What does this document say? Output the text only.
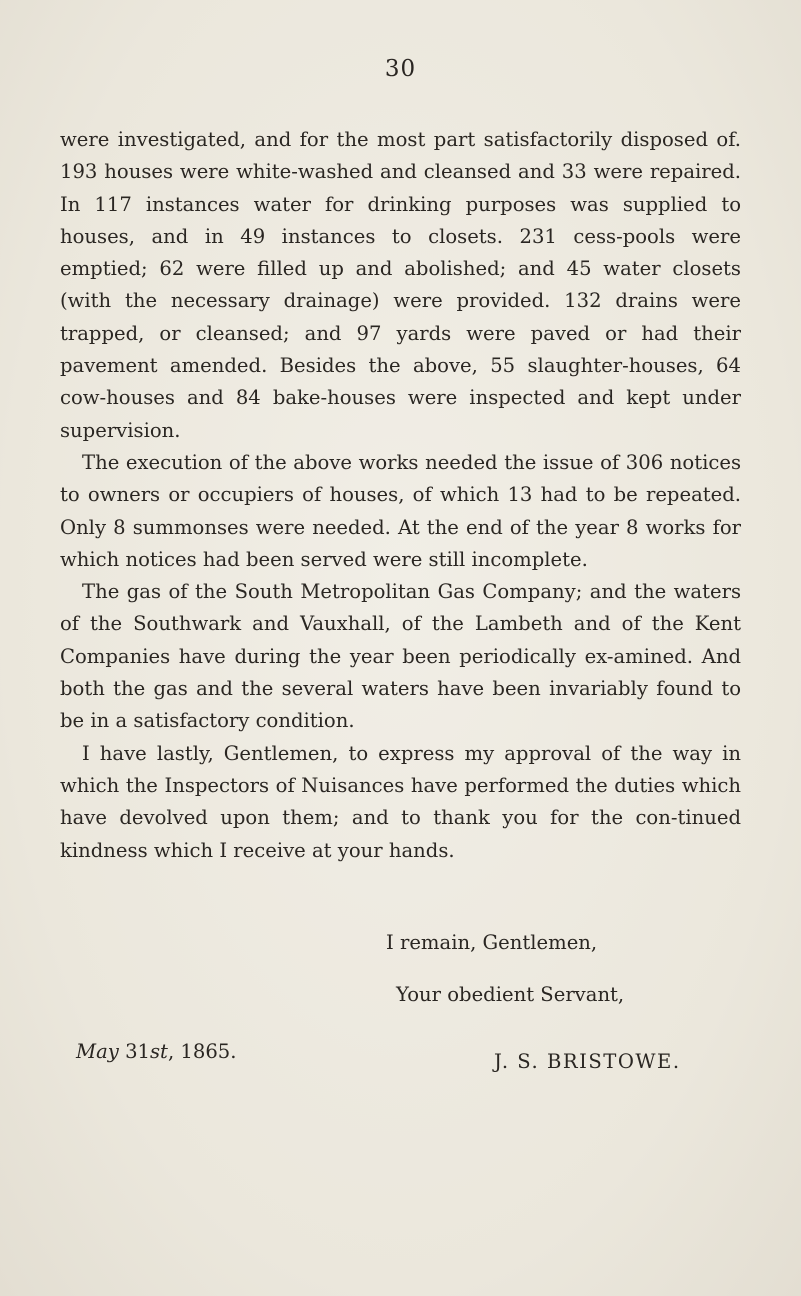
30

were investigated, and for the most part satisfactorily disposed of. 193 houses were white-washed and cleansed and 33 were repaired. In 117 instances water for drinking purposes was supplied to houses, and in 49 instances to closets. 231 cess-pools were emptied; 62 were filled up and abolished; and 45 water closets (with the necessary drainage) were provided. 132 drains were trapped, or cleansed; and 97 yards were paved or had their pavement amended. Besides the above, 55 slaughter-houses, 64 cow-houses and 84 bake-houses were inspected and kept under supervision.

The execution of the above works needed the issue of 306 notices to owners or occupiers of houses, of which 13 had to be repeated. Only 8 summonses were needed. At the end of the year 8 works for which notices had been served were still incomplete.

The gas of the South Metropolitan Gas Company; and the waters of the Southwark and Vauxhall, of the Lambeth and of the Kent Companies have during the year been periodically ex-amined. And both the gas and the several waters have been invariably found to be in a satisfactory condition.

I have lastly, Gentlemen, to express my approval of the way in which the Inspectors of Nuisances have performed the duties which have devolved upon them; and to thank you for the con-tinued kindness which I receive at your hands.

I remain, Gentlemen,
Your obedient Servant,
May 31st, 1865.	J. S. BRISTOWE.
